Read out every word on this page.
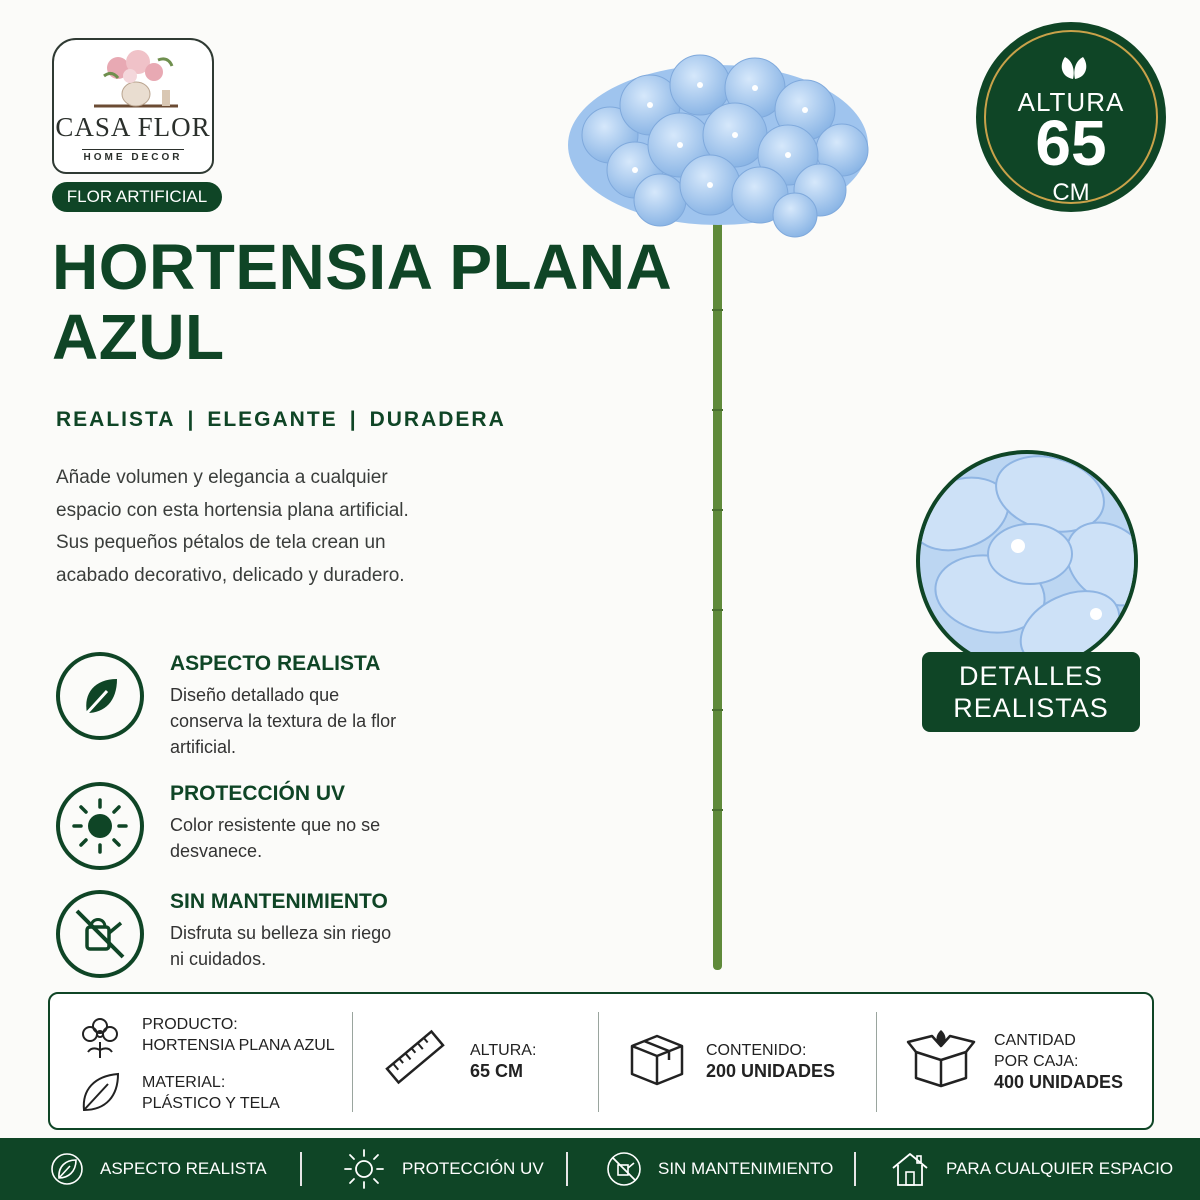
CASA FLOR
HOME DECOR
FLOR ARTIFICIAL
HORTENSIA PLANA
AZUL
REALISTA | ELEGANTE | DURADERA
Añade volumen y elegancia a cualquier espacio con esta hortensia plana artificial. Sus pequeños pétalos de tela crean un acabado decorativo, delicado y duradero.
ASPECTO REALISTA
Diseño detallado que conserva la textura de la flor artificial.
PROTECCIÓN UV
Color resistente que no se desvanece.
SIN MANTENIMIENTO
Disfruta su belleza sin riego ni cuidados.
ALTURA
65
CM
DETALLES
REALISTAS
PRODUCTO:
HORTENSIA PLANA AZUL
MATERIAL:
PLÁSTICO Y TELA
ALTURA:
65 CM
CONTENIDO:
200 UNIDADES
CANTIDAD
POR CAJA:
400 UNIDADES
ASPECTO REALISTA	PROTECCIÓN UV	SIN MANTENIMIENTO	PARA CUALQUIER ESPACIO
